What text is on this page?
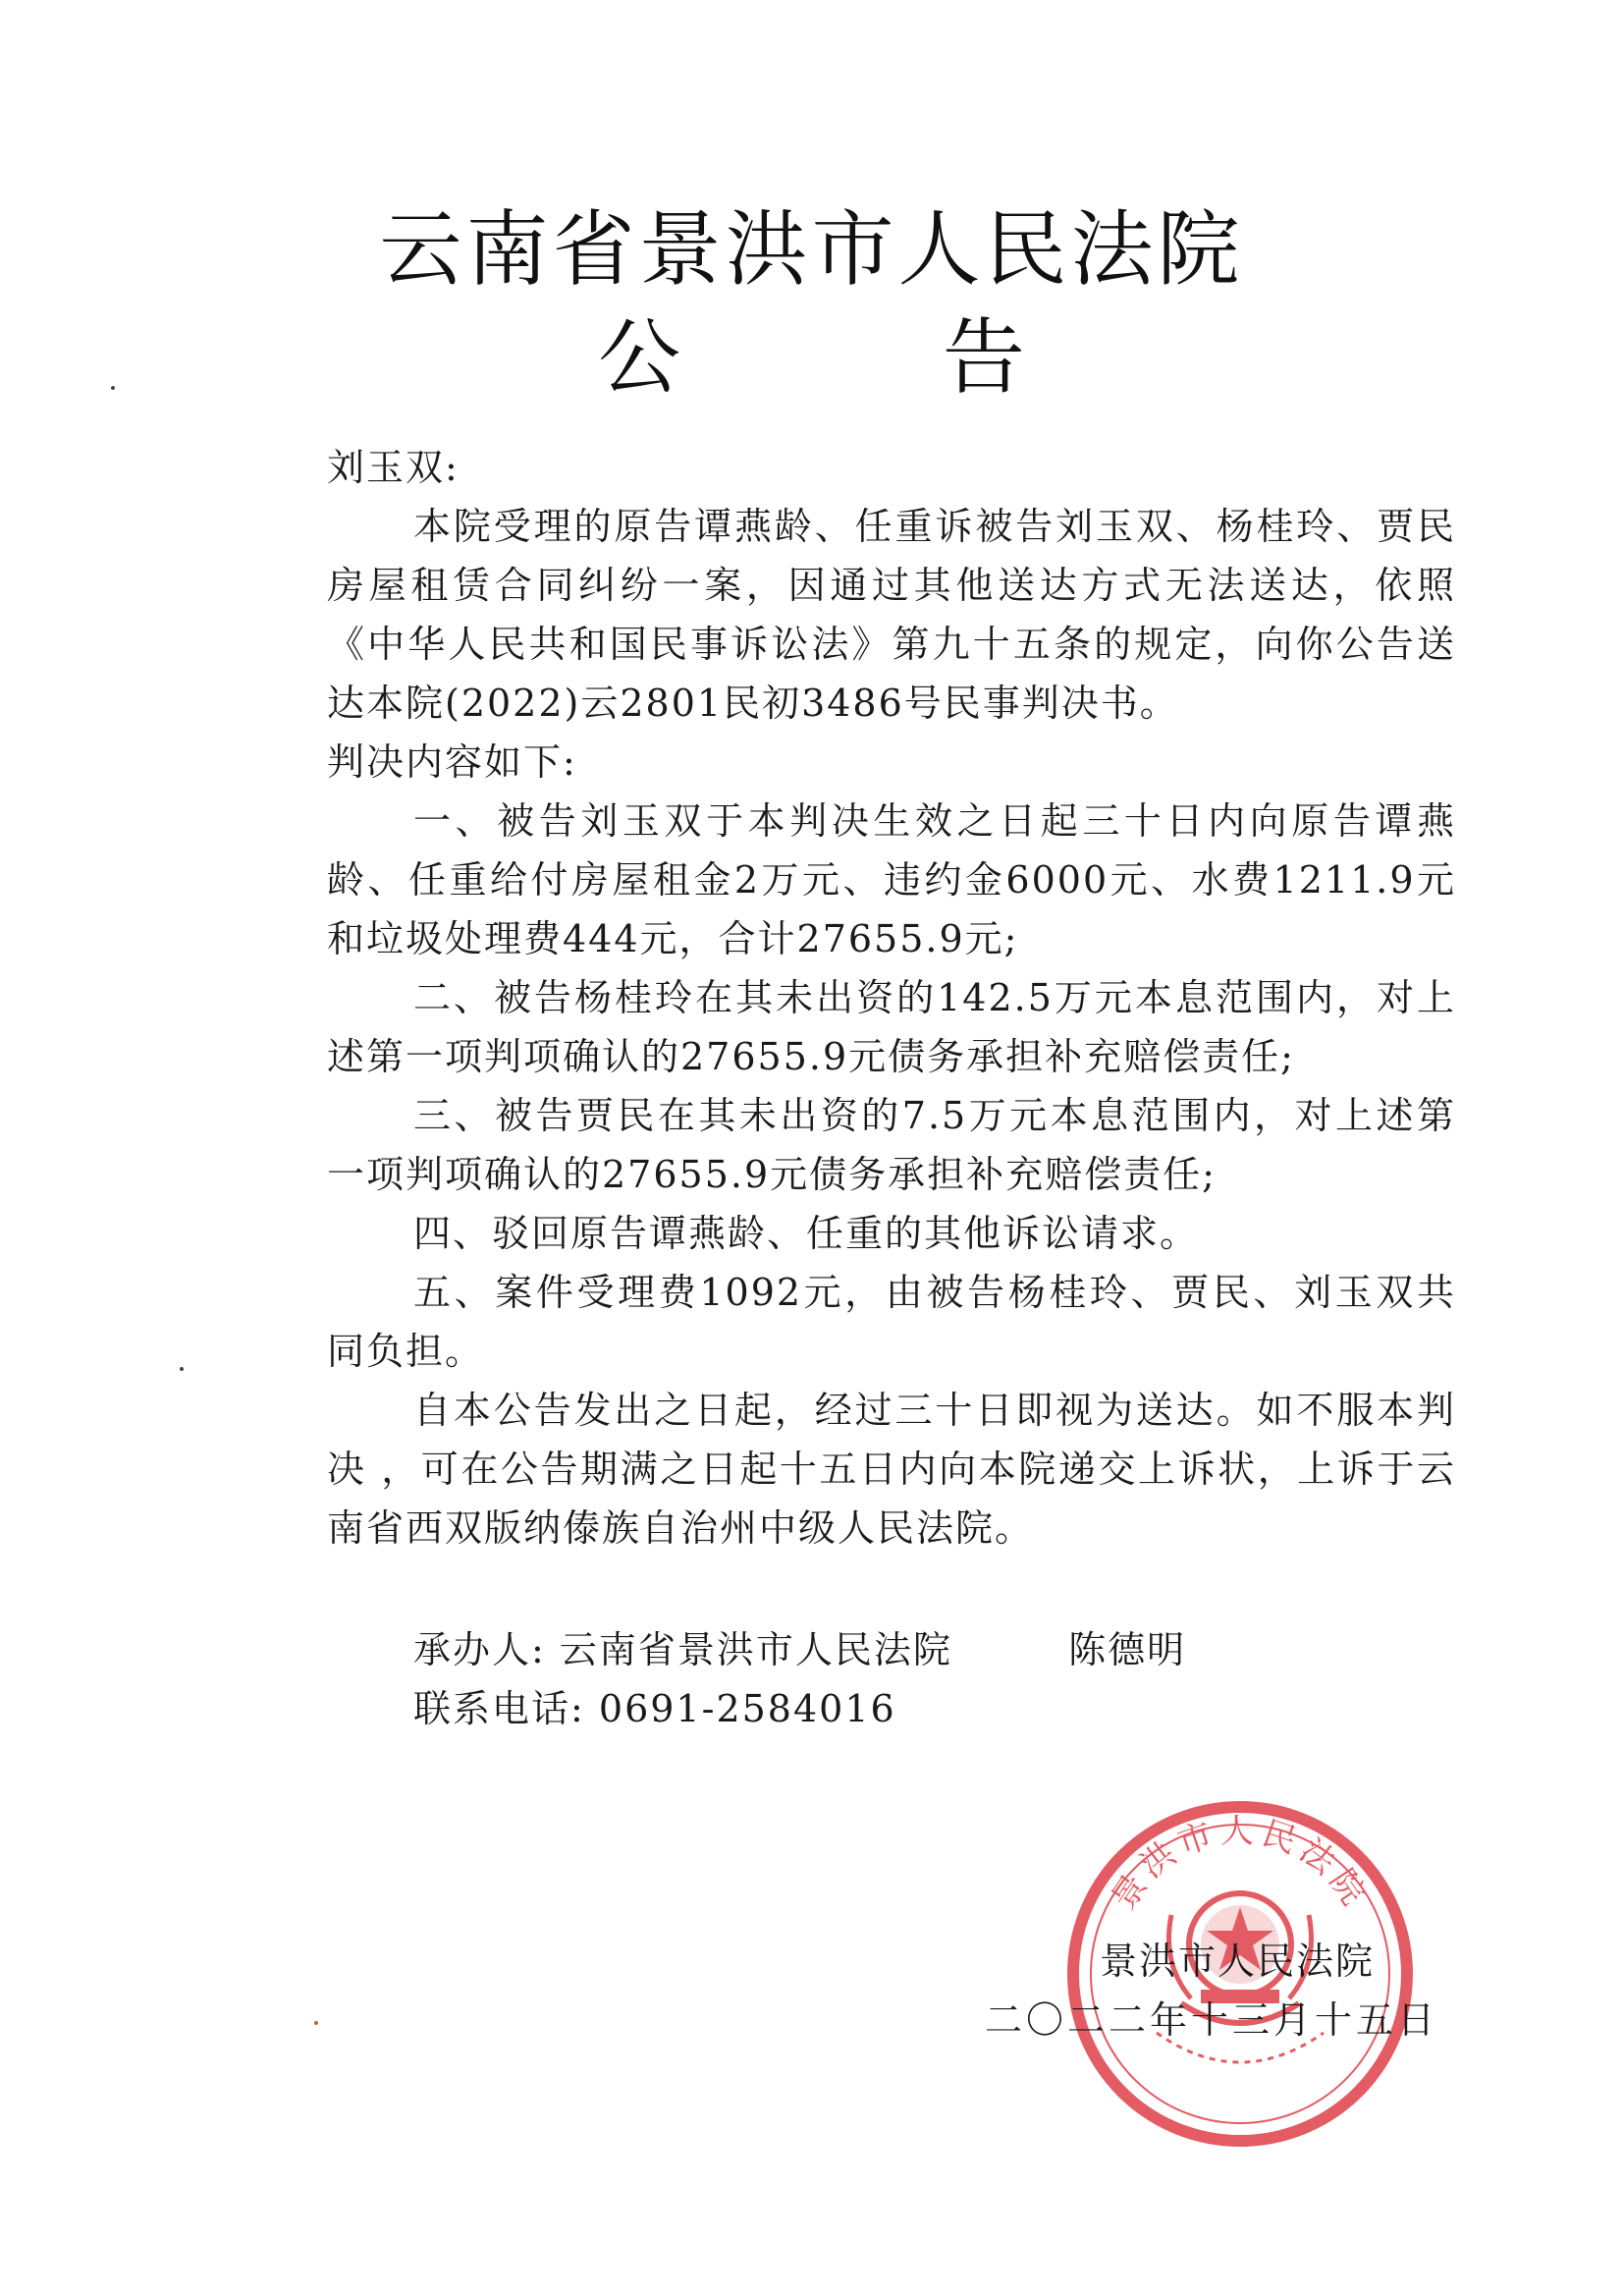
云南省景洪市人民法院
公 告

刘玉双:

本院受理的原告谭燕龄、任重诉被告刘玉双、杨桂玲、贾民房屋租赁合同纠纷一案，因通过其他送达方式无法送达，依照《中华人民共和国民事诉讼法》第九十五条的规定，向你公告送达本院(2022)云2801民初3486号民事判决书。

判决内容如下:

一、被告刘玉双于本判决生效之日起三十日内向原告谭燕龄、任重给付房屋租金2万元、违约金6000元、水费1211.9元和垃圾处理费444元，合计27655.9元;

二、被告杨桂玲在其未出资的142.5万元本息范围内，对上述第一项判项确认的27655.9元债务承担补充赔偿责任;

三、被告贾民在其未出资的7.5万元本息范围内，对上述第一项判项确认的27655.9元债务承担补充赔偿责任;

四、驳回原告谭燕龄、任重的其他诉讼请求。

五、案件受理费1092元，由被告杨桂玲、贾民、刘玉双共同负担。

自本公告发出之日起，经过三十日即视为送达。如不服本判决 ，可在公告期满之日起十五日内向本院递交上诉状，上诉于云南省西双版纳傣族自治州中级人民法院。

承办人: 云南省景洪市人民法院	陈德明
联系电话: 0691-2584016
景洪市人民法院
景洪市人民法院
二〇二二年十三月十五日
